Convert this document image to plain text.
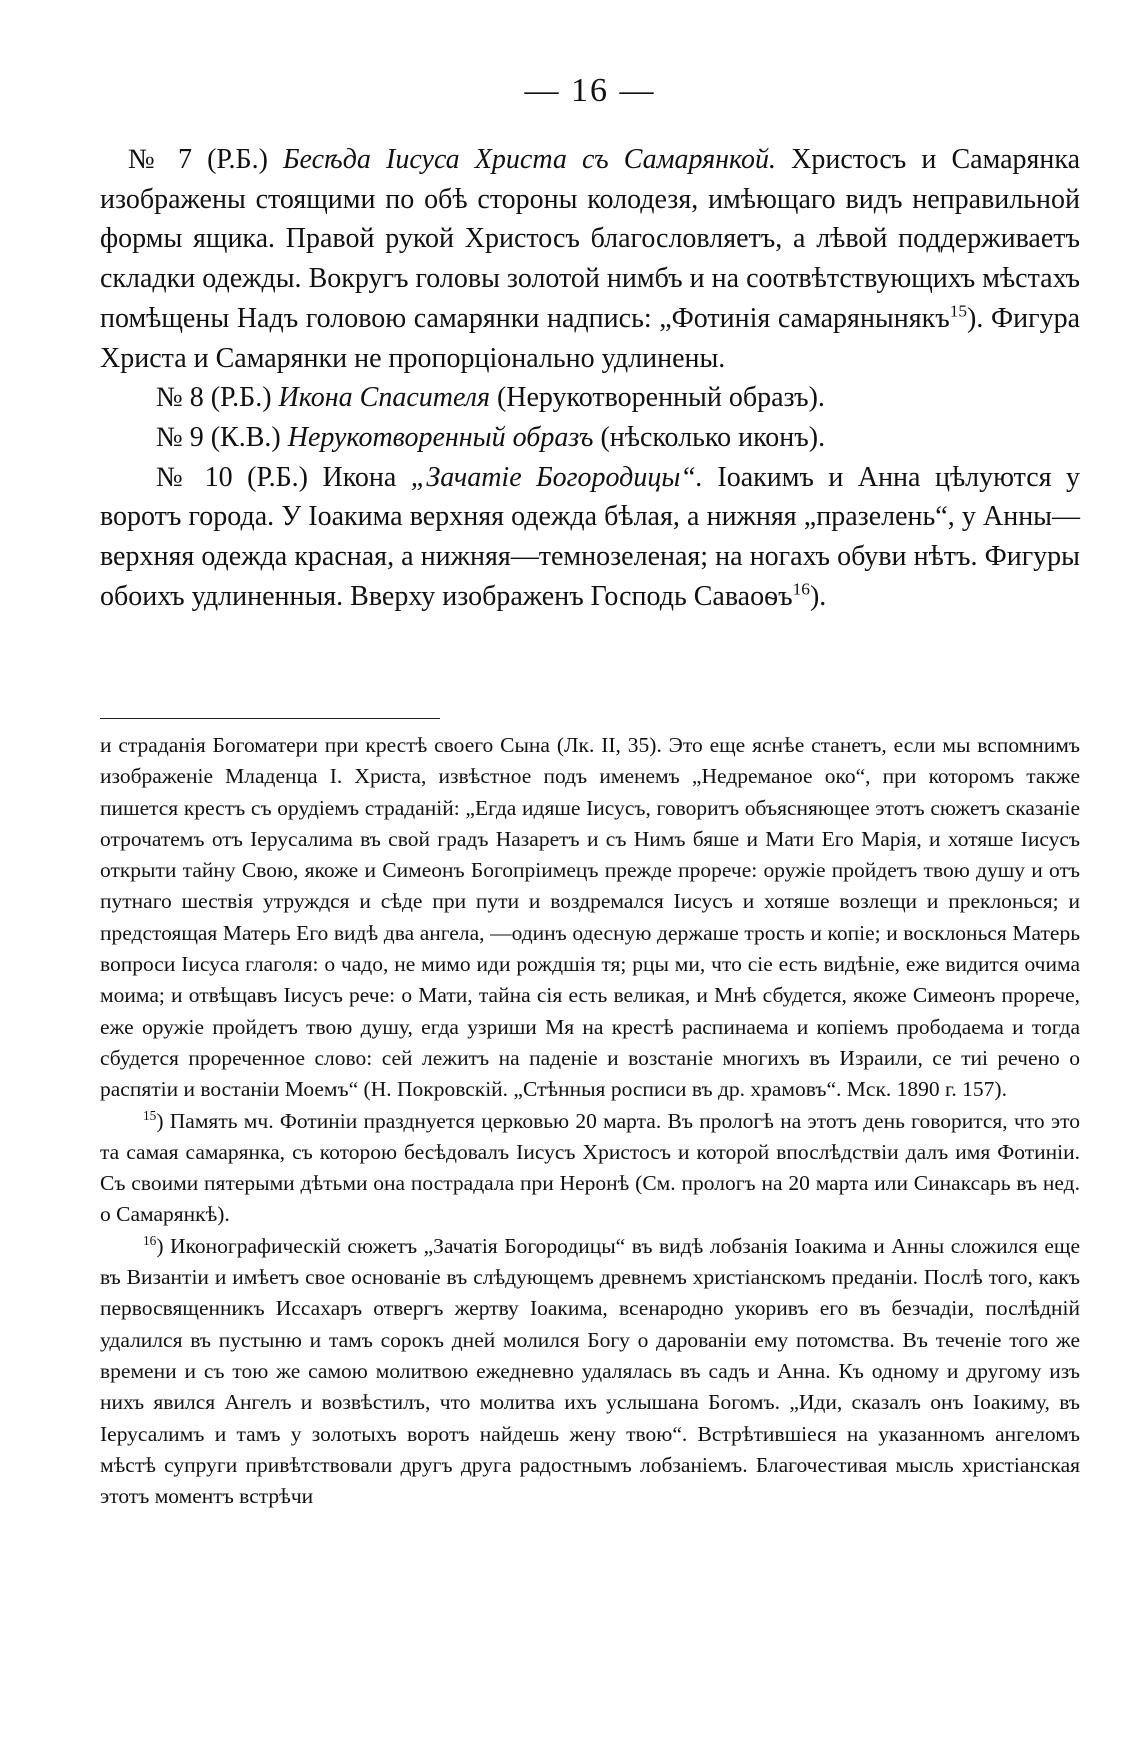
— 16 —

№ 7 (Р.Б.) Бесѣда Іисуса Христа съ Самарянкой. Христосъ и Самарянка изображены стоящими по обѣ стороны колодезя, имѣющаго видъ неправильной формы ящика. Правой рукой Христосъ благословляетъ, а лѣвой поддерживаетъ складки одежды. Вокругъ головы золотой нимбъ и на соотвѣтствующихъ мѣстахъ помѣщены Надъ головою самарянки надпись: „Фотинiя самарянынякъ$^{15}$). Фигура Христа и Самарянки не пропорціонально удлинены.

№ 8 (Р.Б.) Икона Спасителя (Нерукотворенный образъ).

№ 9 (К.В.) Нерукотворенный образъ (нѣсколько иконъ).

№ 10 (Р.Б.) Икона „Зачатіе Богородицы“. Іоакимъ и Анна цѣлуются у воротъ города. У Іоакима верхняя одежда бѣлая, а нижняя „празелень“, у Анны—верхняя одежда красная, а нижняя—темнозеленая; на ногахъ обуви нѣтъ. Фигуры обоихъ удлиненныя. Вверху изображенъ Господь Саваоѳъ$^{16}$).

и страданія Богоматери при крестѣ своего Сына (Лк. II, 35). Это еще яснѣе станетъ, если мы вспомнимъ изображеніе Младенца І. Христа, извѣстное подъ именемъ „Недреманое око“, при которомъ также пишется крестъ съ орудіемъ страданій: „Егда идяше Іисусъ, говоритъ объясняющее этотъ сюжетъ сказаніе отрочатемъ отъ Іерусалима въ свой градъ Назаретъ и съ Нимъ бяше и Мати Его Марія, и хотяше Іисусъ открыти тайну Свою, якоже и Симеонъ Богопріимецъ прежде прорече: оружіе пройдетъ твою душу и отъ путнаго шествія утруждся и сѣде при пути и воздремался Іисусъ и хотяше возлещи и преклонься; и предстоящая Матерь Его видѣ два ангела, —одинъ одесную держаше трость и копіе; и восклонься Матерь вопроси Іисуса глаголя: о чадо, не мимо иди рождшія тя; рцы ми, что сіе есть видѣніе, еже видится очима моима; и отвѣщавъ Іисусъ рече: о Мати, тайна сія есть великая, и Мнѣ сбудется, якоже Симеонъ прорече, еже оружіе пройдетъ твою душу, егда узриши Мя на крестѣ распинаема и копіемъ прободаема и тогда сбудется прореченное слово: сей лежитъ на паденіе и возстаніе многихъ въ Израили, се тиі речено о распятіи и востаніи Моемъ“ (Н. Покровскій. „Стѣнныя росписи въ др. храмовъ“. Мск. 1890 г. 157).

$^{15}$) Память мч. Фотиніи празднуется церковью 20 марта. Въ прологѣ на этотъ день говорится, что это та самая самарянка, съ которою бесѣдовалъ Іисусъ Христосъ и которой впослѣдствіи далъ имя Фотиніи. Съ своими пятерыми дѣтьми она пострадала при Неронѣ (См. прологъ на 20 марта или Синаксарь въ нед. о Самарянкѣ).

$^{16}$) Иконографическій сюжетъ „Зачатія Богородицы“ въ видѣ лобзанія Іоакима и Анны сложился еще въ Византіи и имѣетъ свое основаніе въ слѣдующемъ древнемъ христіанскомъ преданіи. Послѣ того, какъ первосвященникъ Иссахаръ отвергъ жертву Іоакима, всенародно укоривъ его въ безчадіи, послѣдній удалился въ пустыню и тамъ сорокъ дней молился Богу о дарованіи ему потомства. Въ теченіе того же времени и съ тою же самою молитвою ежедневно удалялась въ садъ и Анна. Къ одному и другому изъ нихъ явился Ангелъ и возвѣстилъ, что молитва ихъ услышана Богомъ. „Иди, сказалъ онъ Іоакиму, въ Іерусалимъ и тамъ у золотыхъ воротъ найдешь жену твою“. Встрѣтившіеся на указанномъ ангеломъ мѣстѣ супруги привѣтствовали другъ друга радостнымъ лобзаніемъ. Благочестивая мысль христіанская этотъ моментъ встрѣчи
